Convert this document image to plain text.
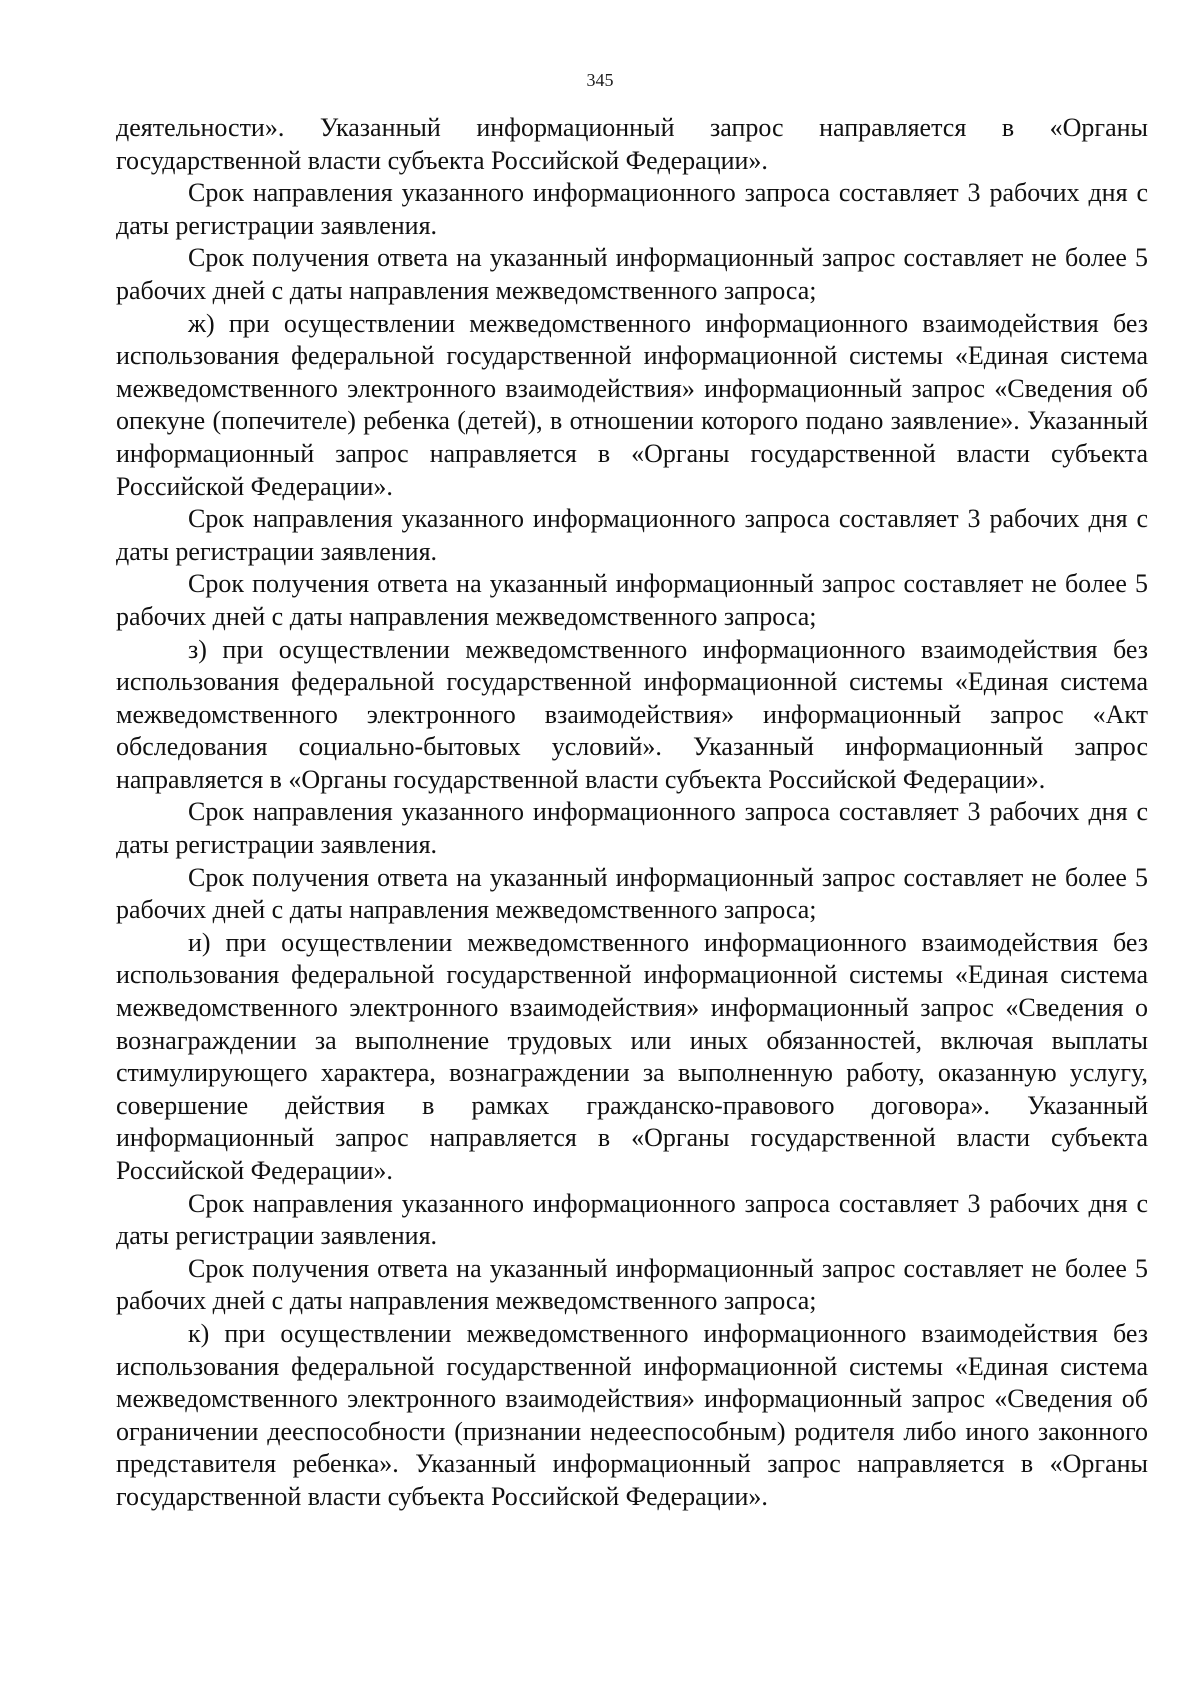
345

деятельности». Указанный информационный запрос направляется в «Органы государственной власти субъекта Российской Федерации».

Срок направления указанного информационного запроса составляет 3 рабочих дня с даты регистрации заявления.

Срок получения ответа на указанный информационный запрос составляет не более 5 рабочих дней с даты направления межведомственного запроса;

ж) при осуществлении межведомственного информационного взаимодействия без использования федеральной государственной информационной системы «Единая система межведомственного электронного взаимодействия» информационный запрос «Сведения об опекуне (попечителе) ребенка (детей), в отношении которого подано заявление». Указанный информационный запрос направляется в «Органы государственной власти субъекта Российской Федерации».

Срок направления указанного информационного запроса составляет 3 рабочих дня с даты регистрации заявления.

Срок получения ответа на указанный информационный запрос составляет не более 5 рабочих дней с даты направления межведомственного запроса;

з) при осуществлении межведомственного информационного взаимодействия без использования федеральной государственной информационной системы «Единая система межведомственного электронного взаимодействия» информационный запрос «Акт обследования социально-бытовых условий». Указанный информационный запрос направляется в «Органы государственной власти субъекта Российской Федерации».

Срок направления указанного информационного запроса составляет 3 рабочих дня с даты регистрации заявления.

Срок получения ответа на указанный информационный запрос составляет не более 5 рабочих дней с даты направления межведомственного запроса;

и) при осуществлении межведомственного информационного взаимодействия без использования федеральной государственной информационной системы «Единая система межведомственного электронного взаимодействия» информационный запрос «Сведения о вознаграждении за выполнение трудовых или иных обязанностей, включая выплаты стимулирующего характера, вознаграждении за выполненную работу, оказанную услугу, совершение действия в рамках гражданско-правового договора». Указанный информационный запрос направляется в «Органы государственной власти субъекта Российской Федерации».

Срок направления указанного информационного запроса составляет 3 рабочих дня с даты регистрации заявления.

Срок получения ответа на указанный информационный запрос составляет не более 5 рабочих дней с даты направления межведомственного запроса;

к) при осуществлении межведомственного информационного взаимодействия без использования федеральной государственной информационной системы «Единая система межведомственного электронного взаимодействия» информационный запрос «Сведения об ограничении дееспособности (признании недееспособным) родителя либо иного законного представителя ребенка». Указанный информационный запрос направляется в «Органы государственной власти субъекта Российской Федерации».
